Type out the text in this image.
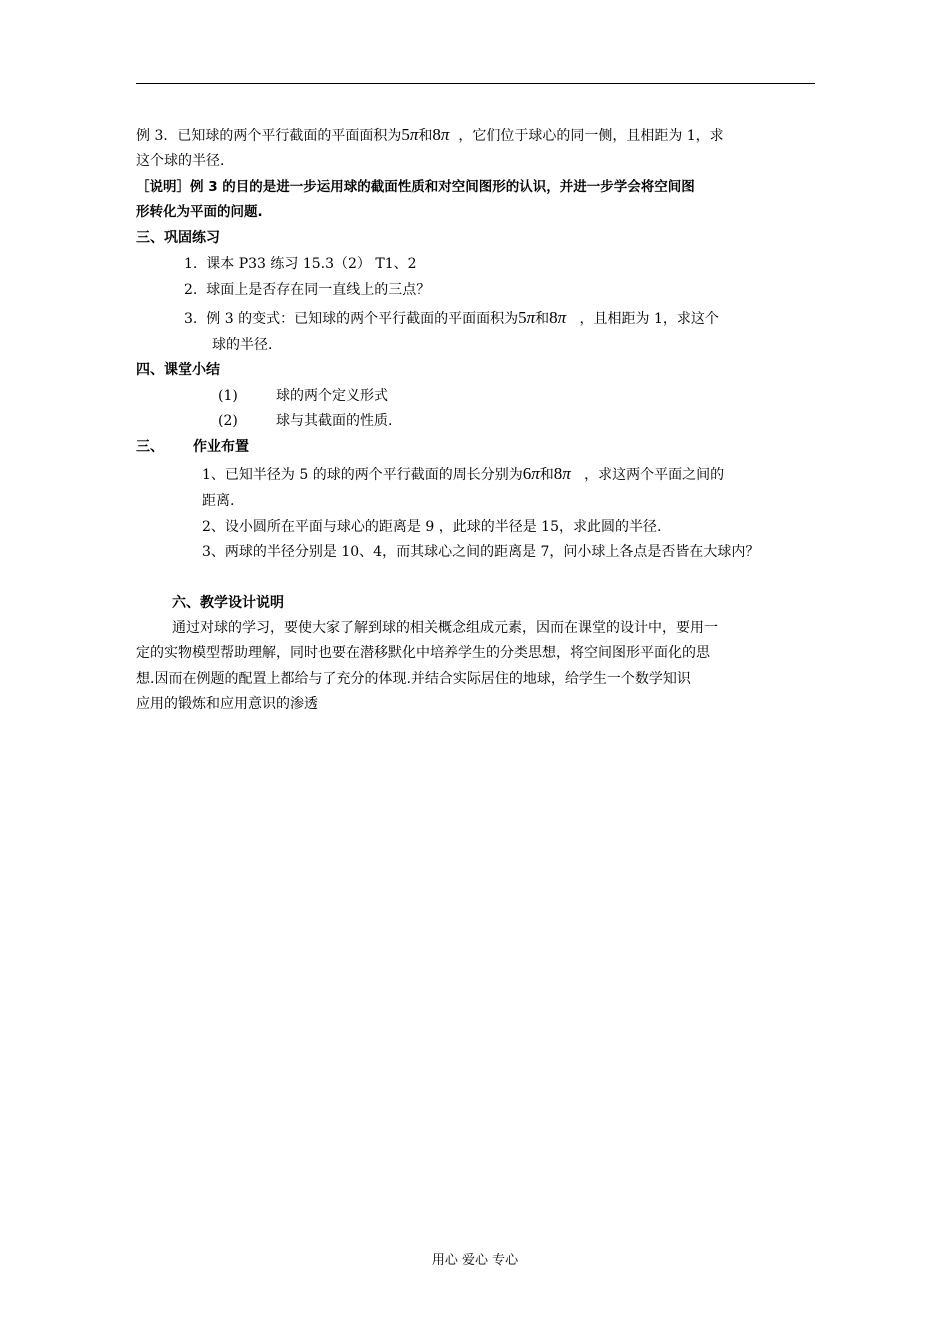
例 3．已知球的两个平行截面的平面面积为5π和8π ，它们位于球心的同一侧，且相距为 1，求
这个球的半径.
［说明］例 3 的目的是进一步运用球的截面性质和对空间图形的认识，并进一步学会将空间图
形转化为平面的问题.
三、巩固练习
1. 课本 P33 练习 15.3（2） T1、2
2. 球面上是否存在同一直线上的三点？
3. 例 3 的变式：已知球的两个平行截面的平面面积为5π和8π ，且相距为 1，求这个
球的半径.
四、课堂小结
(1)	球的两个定义形式
(2)	球与其截面的性质.
三、 作业布置
1、已知半径为 5 的球的两个平行截面的周长分别为6π和8π ，求这两个平面之间的
距离.
2、设小圆所在平面与球心的距离是 9 ，此球的半径是 15，求此圆的半径.
3、两球的半径分别是 10、4，而其球心之间的距离是 7，问小球上各点是否皆在大球内？
六、教学设计说明
通过对球的学习，要使大家了解到球的相关概念组成元素，因而在课堂的设计中，要用一
定的实物模型帮助理解，同时也要在潜移默化中培养学生的分类思想，将空间图形平面化的思
想.因而在例题的配置上都给与了充分的体现.并结合实际居住的地球，给学生一个数学知识
应用的锻炼和应用意识的渗透
用心 爱心 专心
